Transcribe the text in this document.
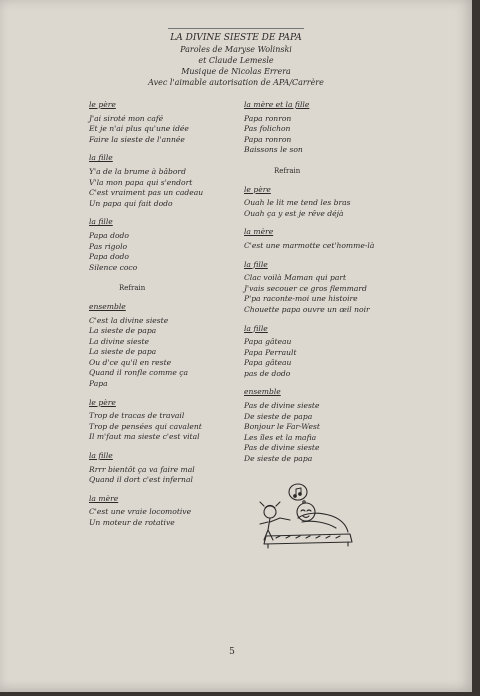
LA DIVINE SIESTE DE PAPA
Paroles de Maryse Wolinski
et Claude Lemesle
Musique de Nicolas Errera
Avec l'aimable autorisation de APA/Carrère
le père
J'ai siroté mon café
Et je n'ai plus qu'une idée
Faire la sieste de l'année
la fille
Y'a de la brume à bâbord
V'la mon papa qui s'endort
C'est vraiment pas un cadeau
Un papa qui fait dodo
la fille
Papa dodo
Pas rigolo
Papa dodo
Silence coco
Refrain
ensemble
C'est la divine sieste
La sieste de papa
La divine sieste
La sieste de papa
Ou d'ce qu'il en reste
Quand il ronfle comme ça
Papa
le père
Trop de tracas de travail
Trop de pensées qui cavalent
Il m'faut ma sieste c'est vital
la fille
Rrrr bientôt ça va faire mal
Quand il dort c'est infernal
la mère
C'est une vraie locomotive
Un moteur de rotative
la mère et la fille
Papa ronron
Pas folichon
Papa ronron
Baissons le son
Refrain
le père
Ouah le lit me tend les bras
Ouah ça y est je rêve déjà
la mère
C'est une marmotte cet'homme-là
la fille
Clac voilà Maman qui part
J'vais secouer ce gros flemmard
P'pa raconte-moi une histoire
Chouette papa ouvre un œil noir
la fille
Papa gâteau
Papa Perrault
Papa gâteau
pas de dodo
ensemble
Pas de divine sieste
De sieste de papa
Bonjour le Far-West
Les îles et la mafia
Pas de divine sieste
De sieste de papa
5
